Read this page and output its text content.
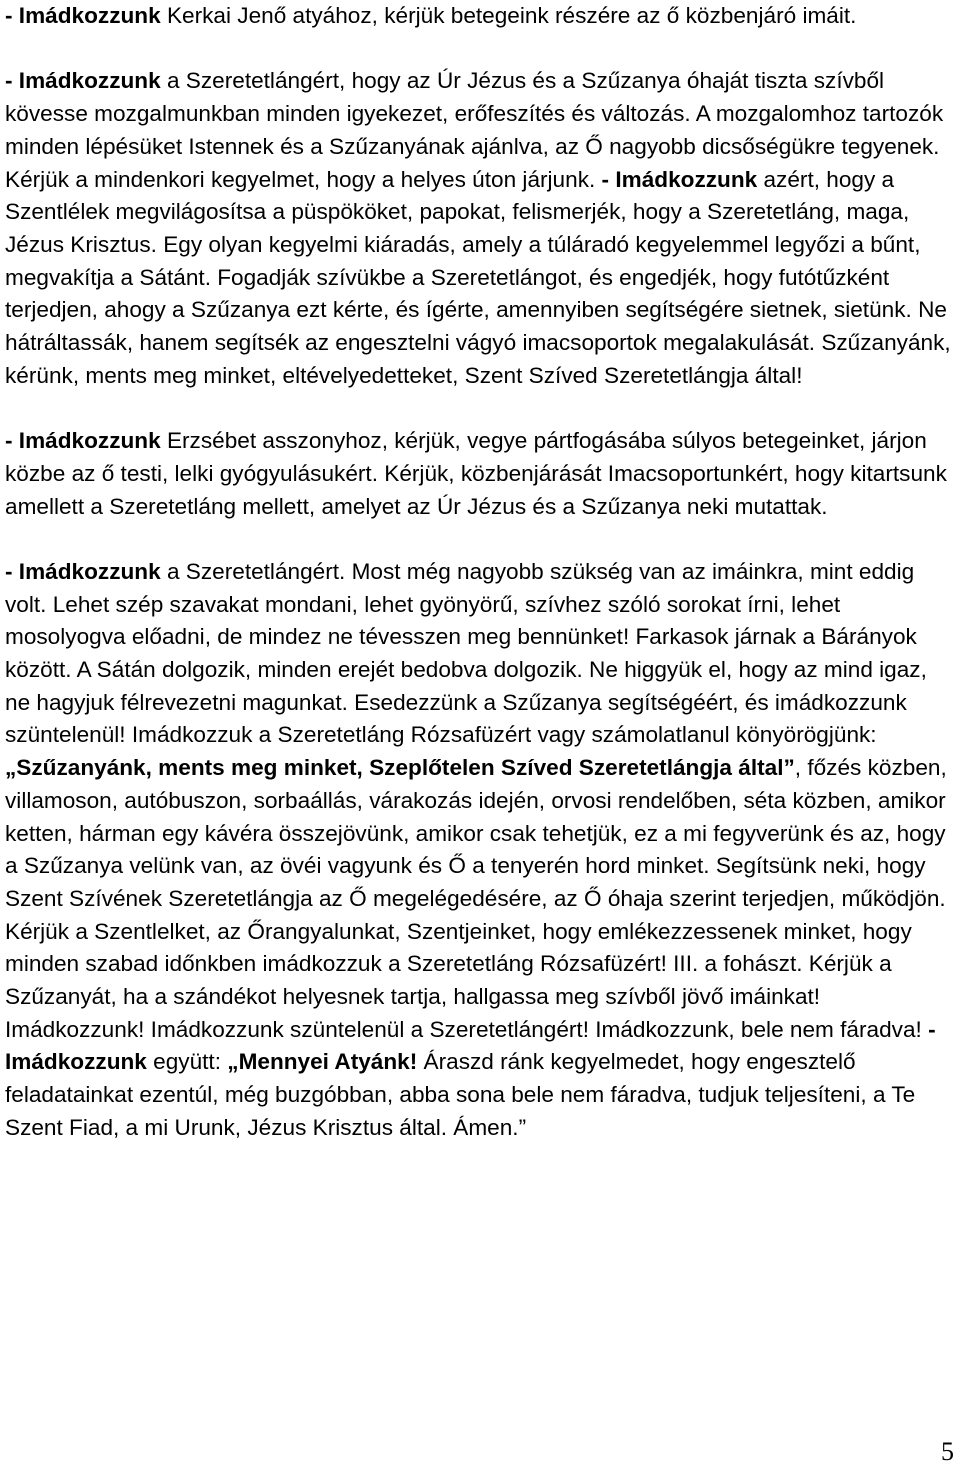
- Imádkozzunk Kerkai Jenő atyához, kérjük betegeink részére az ő közbenjáró imáit.

- Imádkozzunk a Szeretetlángért, hogy az Úr Jézus és a Szűzanya óhaját tiszta szívből kövesse mozgalmunkban minden igyekezet, erőfeszítés és változás. A mozgalomhoz tartozók minden lépésüket Istennek és a Szűzanyának ajánlva, az Ő nagyobb dicsőségükre tegyenek. Kérjük a mindenkori kegyelmet, hogy a helyes úton járjunk. - Imádkozzunk azért, hogy a Szentlélek megvilágosítsa a püspököket, papokat, felismerjék, hogy a Szeretetláng, maga, Jézus Krisztus. Egy olyan kegyelmi kiáradás, amely a túláradó kegyelemmel legyőzi a bűnt, megvakítja a Sátánt. Fogadják szívükbe a Szeretetlángot, és engedjék, hogy futótűzként terjedjen, ahogy a Szűzanya ezt kérte, és ígérte, amennyiben segítségére sietnek, sietünk. Ne hátráltassák, hanem segítsék az engesztelni vágyó imacsoportok megalakulását. Szűzanyánk, kérünk, ments meg minket, eltévelyedetteket, Szent Szíved Szeretetlángja által!

- Imádkozzunk Erzsébet asszonyhoz, kérjük, vegye pártfogásába súlyos betegeinket, járjon közbe az ő testi, lelki gyógyulásukért. Kérjük, közbenjárását Imacsoportunkért, hogy kitartsunk amellett a Szeretetláng mellett, amelyet az Úr Jézus és a Szűzanya neki mutattak.

- Imádkozzunk a Szeretetlángért. Most még nagyobb szükség van az imáinkra, mint eddig volt. Lehet szép szavakat mondani, lehet gyönyörű, szívhez szóló sorokat írni, lehet mosolyogva előadni, de mindez ne tévesszen meg bennünket! Farkasok járnak a Bárányok között. A Sátán dolgozik, minden erejét bedobva dolgozik. Ne higgyük el, hogy az mind igaz, ne hagyjuk félrevezetni magunkat. Esedezzünk a Szűzanya segítségéért, és imádkozzunk szüntelenül! Imádkozzuk a Szeretetláng Rózsafüzért vagy számolatlanul könyörögjünk: „Szűzanyánk, ments meg minket, Szeplőtelen Szíved Szeretetlángja által”, főzés közben, villamoson, autóbuszon, sorbaállás, várakozás idején, orvosi rendelőben, séta közben, amikor ketten, hárman egy kávéra összejövünk, amikor csak tehetjük, ez a mi fegyverünk és az, hogy a Szűzanya velünk van, az övéi vagyunk és Ő a tenyerén hord minket. Segítsünk neki, hogy Szent Szívének Szeretetlángja az Ő megelégedésére, az Ő óhaja szerint terjedjen, működjön. Kérjük a Szentlelket, az Őrangyalunkat, Szentjeinket, hogy emlékezzessenek minket, hogy minden szabad időnkben imádkozzuk a Szeretetláng Rózsafüzért! III. a fohászt. Kérjük a Szűzanyát, ha a szándékot helyesnek tartja, hallgassa meg szívből jövő imáinkat! Imádkozzunk! Imádkozzunk szüntelenül a Szeretetlángért! Imádkozzunk, bele nem fáradva! - Imádkozzunk együtt: „Mennyei Atyánk! Áraszd ránk kegyelmedet, hogy engesztelő feladatainkat ezentúl, még buzgóbban, abba sona bele nem fáradva, tudjuk teljesíteni, a Te Szent Fiad, a mi Urunk, Jézus Krisztus által. Ámen.”

5
